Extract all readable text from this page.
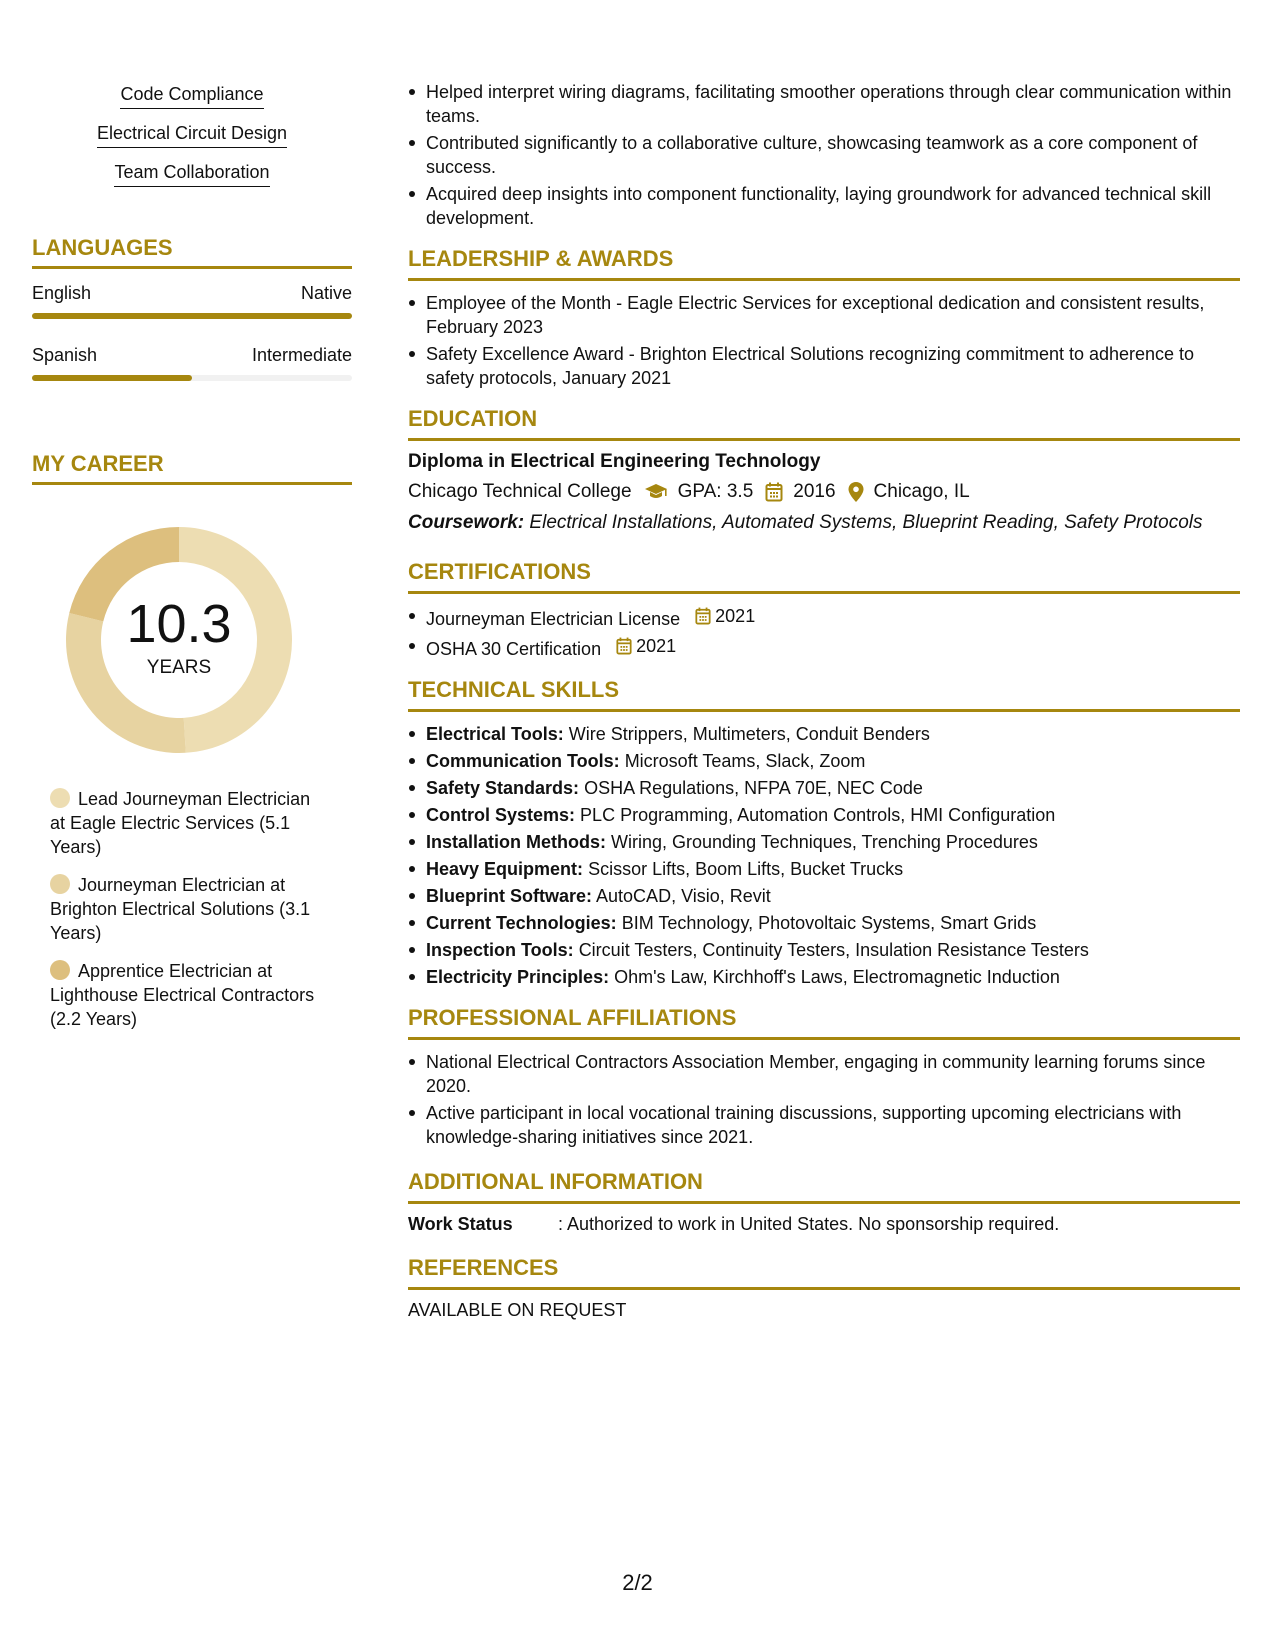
Code Compliance
Electrical Circuit Design
Team Collaboration
LANGUAGES
English	Native
Spanish	Intermediate
MY CAREER
10.3
YEARS
Lead Journeyman Electrician at Eagle Electric Services (5.1 Years)
Journeyman Electrician at Brighton Electrical Solutions (3.1 Years)
Apprentice Electrician at Lighthouse Electrical Contractors (2.2 Years)
Helped interpret wiring diagrams, facilitating smoother operations through clear communication within teams.
Contributed significantly to a collaborative culture, showcasing teamwork as a core component of success.
Acquired deep insights into component functionality, laying groundwork for advanced technical skill development.
LEADERSHIP & AWARDS
Employee of the Month - Eagle Electric Services for exceptional dedication and consistent results, February 2023
Safety Excellence Award - Brighton Electrical Solutions recognizing commitment to adherence to safety protocols, January 2021
EDUCATION
Diploma in Electrical Engineering Technology
Chicago Technical College GPA: 3.5 2016 Chicago, IL
Coursework: Electrical Installations, Automated Systems, Blueprint Reading, Safety Protocols
CERTIFICATIONS
Journeyman Electrician License 2021
OSHA 30 Certification 2021
TECHNICAL SKILLS
Electrical Tools: Wire Strippers, Multimeters, Conduit Benders
Communication Tools: Microsoft Teams, Slack, Zoom
Safety Standards: OSHA Regulations, NFPA 70E, NEC Code
Control Systems: PLC Programming, Automation Controls, HMI Configuration
Installation Methods: Wiring, Grounding Techniques, Trenching Procedures
Heavy Equipment: Scissor Lifts, Boom Lifts, Bucket Trucks
Blueprint Software: AutoCAD, Visio, Revit
Current Technologies: BIM Technology, Photovoltaic Systems, Smart Grids
Inspection Tools: Circuit Testers, Continuity Testers, Insulation Resistance Testers
Electricity Principles: Ohm's Law, Kirchhoff's Laws, Electromagnetic Induction
PROFESSIONAL AFFILIATIONS
National Electrical Contractors Association Member, engaging in community learning forums since 2020.
Active participant in local vocational training discussions, supporting upcoming electricians with knowledge-sharing initiatives since 2021.
ADDITIONAL INFORMATION
Work Status	: Authorized to work in United States. No sponsorship required.
REFERENCES
AVAILABLE ON REQUEST
2/2
